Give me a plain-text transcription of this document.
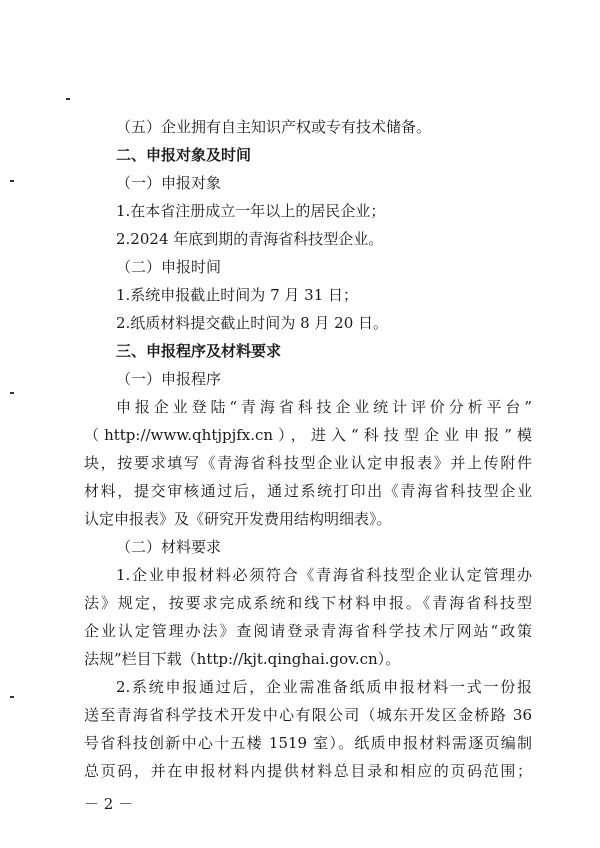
（五）企业拥有自主知识产权或专有技术储备。
二、申报对象及时间
（一）申报对象
1.在本省注册成立一年以上的居民企业；
2.2024 年底到期的青海省科技型企业。
（二）申报时间
1.系统申报截止时间为 7 月 31 日；
2.纸质材料提交截止时间为 8 月 20 日。
三、申报程序及材料要求
（一）申报程序
申报企业登陆“青海省科技企业统计评价分析平台”
（http://www.qhtjpjfx.cn），进入“科技型企业申报”模
块，按要求填写《青海省科技型企业认定申报表》并上传附件
材料，提交审核通过后，通过系统打印出《青海省科技型企业
认定申报表》及《研究开发费用结构明细表》。
（二）材料要求
1.企业申报材料必须符合《青海省科技型企业认定管理办
法》规定，按要求完成系统和线下材料申报。《青海省科技型
企业认定管理办法》查阅请登录青海省科学技术厅网站“政策
法规”栏目下载（http://kjt.qinghai.gov.cn）。
2.系统申报通过后，企业需准备纸质申报材料一式一份报
送至青海省科学技术开发中心有限公司（城东开发区金桥路 36
号省科技创新中心十五楼 1519 室）。纸质申报材料需逐页编制
总页码，并在申报材料内提供材料总目录和相应的页码范围；
－ 2 －
